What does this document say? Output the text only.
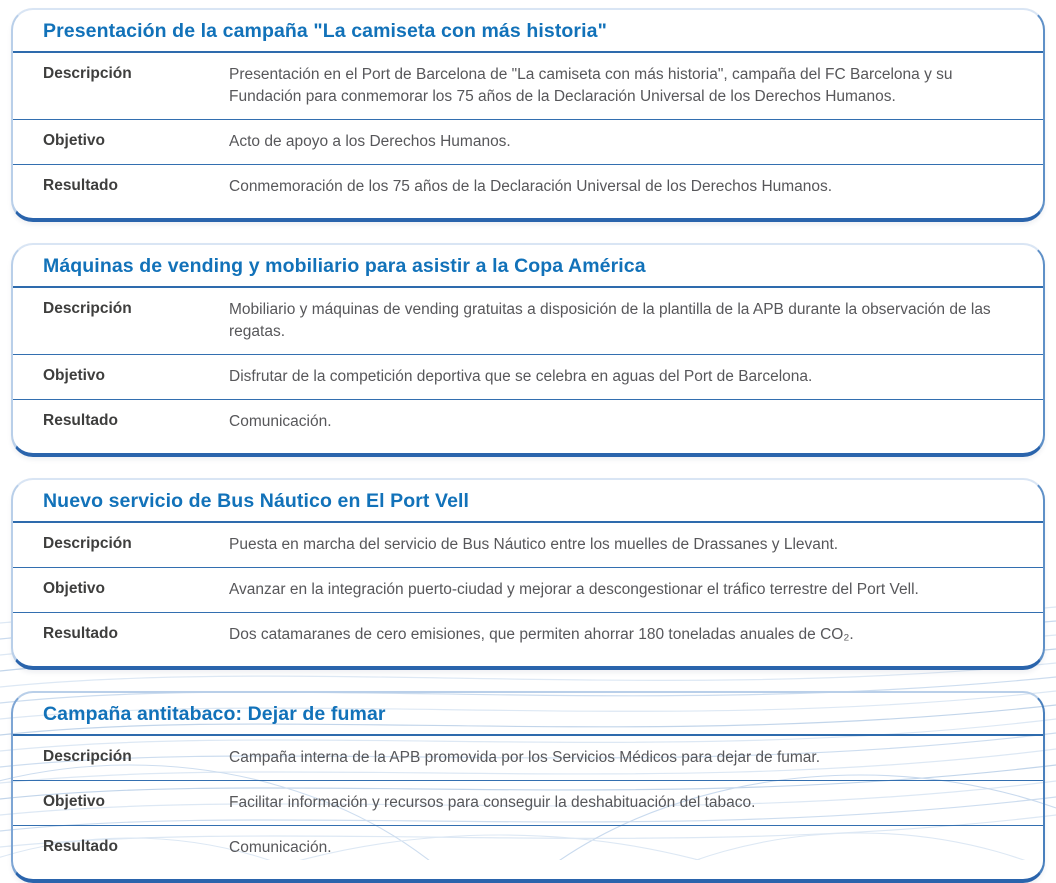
Presentación de la campaña "La camiseta con más historia"
Descripción	Presentación en el Port de Barcelona de "La camiseta con más historia", campaña del FC Barcelona y su Fundación para conmemorar los 75 años de la Declaración Universal de los Derechos Humanos.
Objetivo	Acto de apoyo a los Derechos Humanos.
Resultado	Conmemoración de los 75 años de la Declaración Universal de los Derechos Humanos.
Máquinas de vending y mobiliario para asistir a la Copa América
Descripción	Mobiliario y máquinas de vending gratuitas a disposición de la plantilla de la APB durante la observación de las regatas.
Objetivo	Disfrutar de la competición deportiva que se celebra en aguas del Port de Barcelona.
Resultado	Comunicación.
Nuevo servicio de Bus Náutico en El Port Vell
Descripción	Puesta en marcha del servicio de Bus Náutico entre los muelles de Drassanes y Llevant.
Objetivo	Avanzar en la integración puerto-ciudad y mejorar a descongestionar el tráfico terrestre del Port Vell.
Resultado	Dos catamaranes de cero emisiones, que permiten ahorrar 180 toneladas anuales de CO₂.
Campaña antitabaco: Dejar de fumar
Descripción	Campaña interna de la APB promovida por los Servicios Médicos para dejar de fumar.
Objetivo	Facilitar información y recursos para conseguir la deshabituación del tabaco.
Resultado	Comunicación.
